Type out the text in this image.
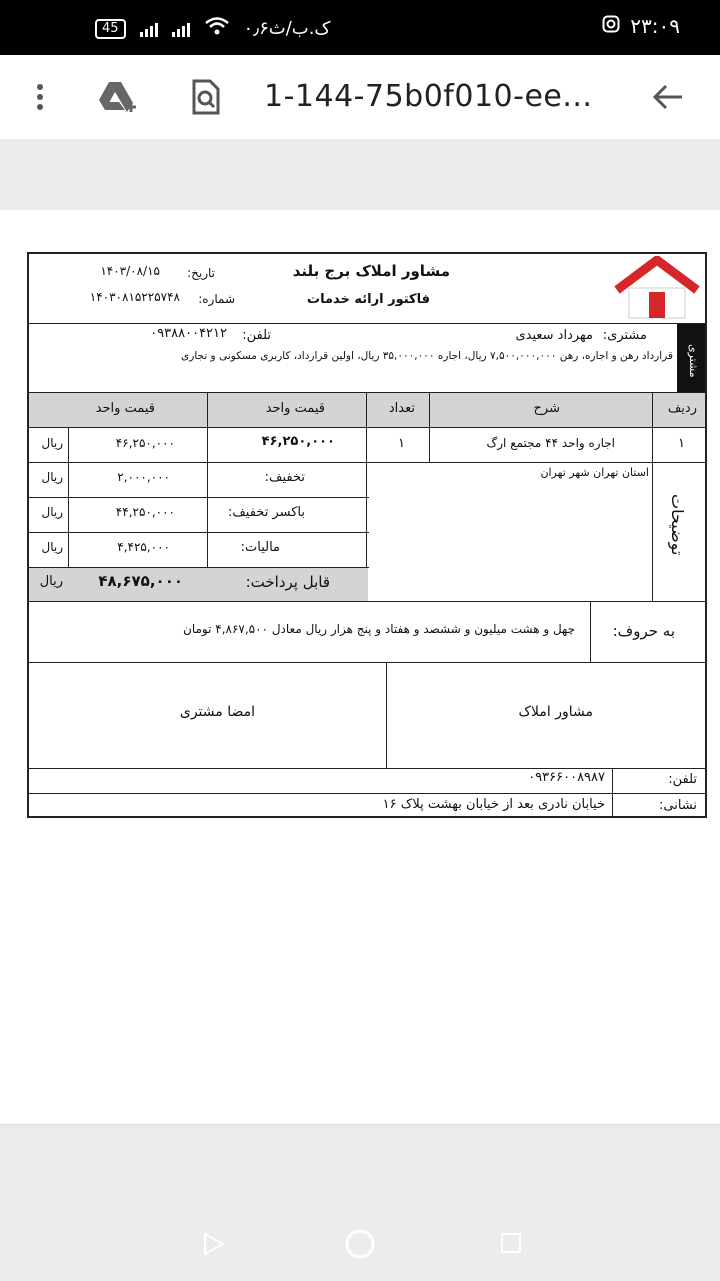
45	۰٫۶ک.ب/ث	۲۳:۰۹
1-144-75b0f010-ee...
مشاور املاک برج بلند
فاکتور ارائه خدمات
تاریخ:
۱۴۰۳/۰۸/۱۵
شماره:
۱۴۰۳۰۸۱۵۲۲۵۷۴۸
مشتری
مشتری:
مهرداد سعیدی
تلفن:
۰۹۳۸۸۰۰۴۲۱۲
قرارداد رهن و اجاره، رهن ۷,۵۰۰,۰۰۰,۰۰۰ ریال، اجاره ۳۵,۰۰۰,۰۰۰ ریال، اولین قرارداد، کاربری مسکونی و تجاری
ردیف
شرح
تعداد
قیمت واحد
قیمت واحد
۱
اجاره واحد ۴۴ مجتمع ارگ
۱
۴۶,۲۵۰,۰۰۰
۴۶,۲۵۰,۰۰۰
ریال
توضیحات
استان تهران شهر تهران
تخفیف:
۲,۰۰۰,۰۰۰
ریال
باکسر تخفیف:
۴۴,۲۵۰,۰۰۰
ریال
مالیات:
۴,۴۲۵,۰۰۰
ریال
قابل پرداخت:
۴۸,۶۷۵,۰۰۰
ریال
به حروف:
چهل و هشت میلیون و ششصد و هفتاد و پنج هزار ریال معادل ۴,۸۶۷,۵۰۰ تومان
مشاور املاک
امضا مشتری
تلفن:
۰۹۳۶۶۰۰۸۹۸۷
نشانی:
خیابان نادری بعد از خیابان بهشت پلاک ۱۶
